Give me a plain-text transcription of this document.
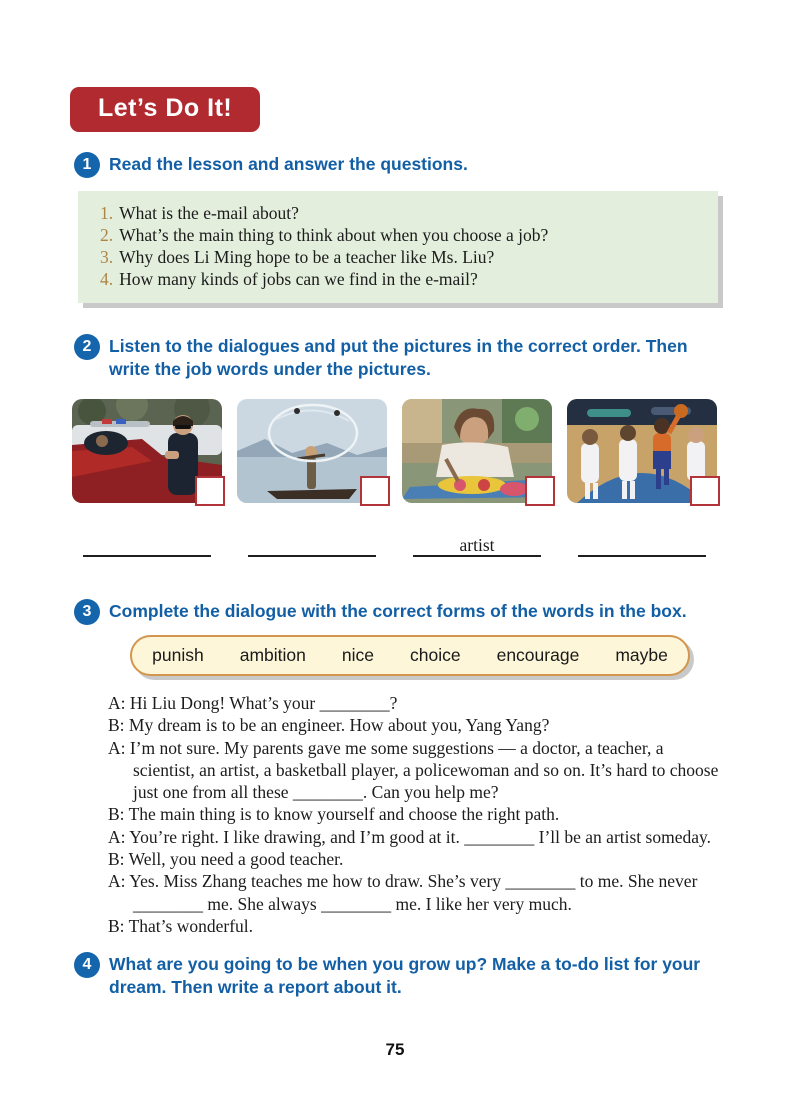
Let’s Do It!
1	Read the lesson and answer the questions.
1. What is the e-mail about?
2. What’s the main thing to think about when you choose a job?
3. Why does Li Ming hope to be a teacher like Ms. Liu?
4. How many kinds of jobs can we find in the e-mail?
2	Listen to the dialogues and put the pictures in the correct order. Then write the job words under the pictures.
artist
3	Complete the dialogue with the correct forms of the words in the box.
punish ambition nice choice encourage maybe
A: Hi Liu Dong! What’s your ________?
B: My dream is to be an engineer. How about you, Yang Yang?
A: I’m not sure. My parents gave me some suggestions — a doctor, a teacher, a scientist, an artist, a basketball player, a policewoman and so on. It’s hard to choose just one from all these ________. Can you help me?
B: The main thing is to know yourself and choose the right path.
A: You’re right. I like drawing, and I’m good at it. ________ I’ll be an artist someday.
B: Well, you need a good teacher.
A: Yes. Miss Zhang teaches me how to draw. She’s very ________ to me. She never ________ me. She always ________ me. I like her very much.
B: That’s wonderful.
4	What are you going to be when you grow up? Make a to-do list for your dream. Then write a report about it.
75
